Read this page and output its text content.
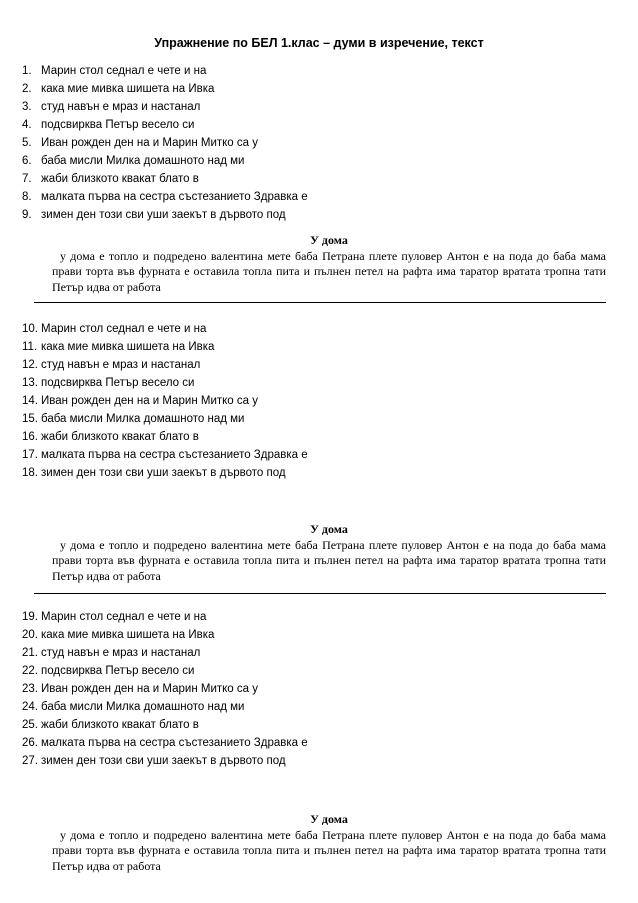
Упражнение по БЕЛ 1.клас – думи в изречение, текст
1. Марин стол седнал е чете и на
2. кака мие мивка шишета на Ивка
3. студ навън е мраз и настанал
4. подсвирква Петър весело си
5. Иван рожден ден на и Марин Митко са у
6. баба мисли Милка домашното над ми
7. жаби близкото квакат блато в
8. малката първа на сестра състезанието Здравка е
9. зимен ден този сви уши заекът в дървото под
У дома
у дома е топло и подредено валентина мете баба Петрана плете пуловер Антон е на пода до баба мама прави торта във фурната е оставила топла пита и пълнен петел на рафта има таратор вратата тропна тати Петър идва от работа
10. Марин стол седнал е чете и на
11. кака мие мивка шишета на Ивка
12. студ навън е мраз и настанал
13. подсвирква Петър весело си
14. Иван рожден ден на и Марин Митко са у
15. баба мисли Милка домашното над ми
16. жаби близкото квакат блато в
17. малката първа на сестра състезанието Здравка е
18. зимен ден този сви уши заекът в дървото под
У дома
у дома е топло и подредено валентина мете баба Петрана плете пуловер Антон е на пода до баба мама прави торта във фурната е оставила топла пита и пълнен петел на рафта има таратор вратата тропна тати Петър идва от работа
19. Марин стол седнал е чете и на
20. кака мие мивка шишета на Ивка
21. студ навън е мраз и настанал
22. подсвирква Петър весело си
23. Иван рожден ден на и Марин Митко са у
24. баба мисли Милка домашното над ми
25. жаби близкото квакат блато в
26. малката първа на сестра състезанието Здравка е
27. зимен ден този сви уши заекът в дървото под
У дома
у дома е топло и подредено валентина мете баба Петрана плете пуловер Антон е на пода до баба мама прави торта във фурната е оставила топла пита и пълнен петел на рафта има таратор вратата тропна тати Петър идва от работа
